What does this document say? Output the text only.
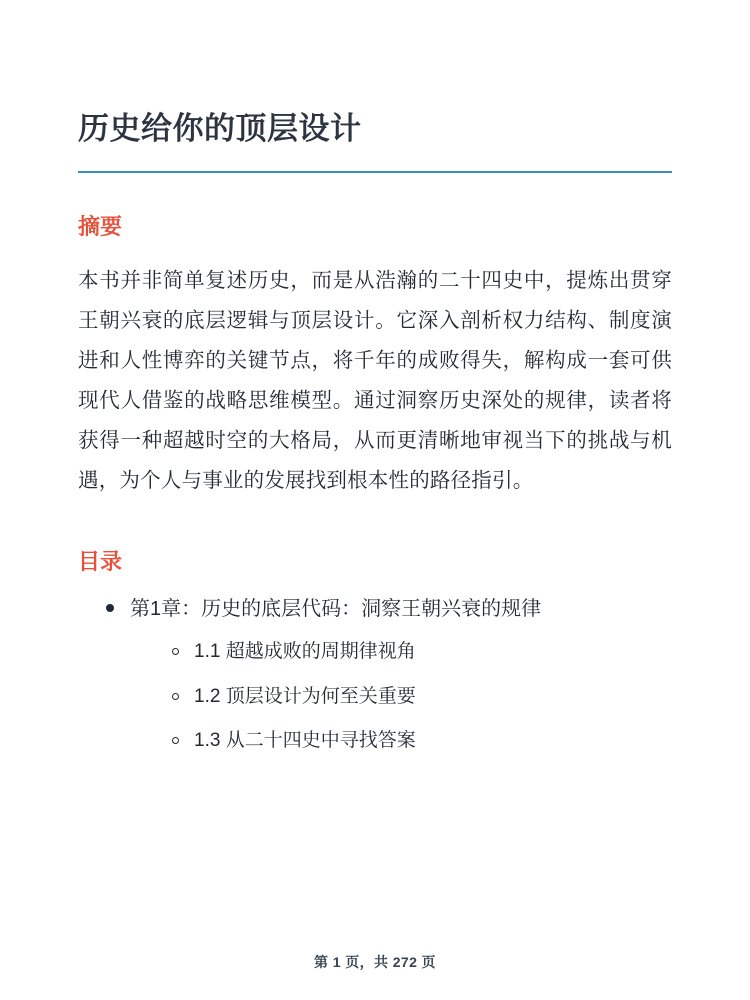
历史给你的顶层设计
摘要

本书并非简单复述历史，而是从浩瀚的二十四史中，提炼出贯穿王朝兴衰的底层逻辑与顶层设计。它深入剖析权力结构、制度演进和人性博弈的关键节点，将千年的成败得失，解构成一套可供现代人借鉴的战略思维模型。通过洞察历史深处的规律，读者将获得一种超越时空的大格局，从而更清晰地审视当下的挑战与机遇，为个人与事业的发展找到根本性的路径指引。

目录
第1章：历史的底层代码：洞察王朝兴衰的规律
1.1 超越成败的周期律视角
1.2 顶层设计为何至关重要
1.3 从二十四史中寻找答案
第 1 页，共 272 页
